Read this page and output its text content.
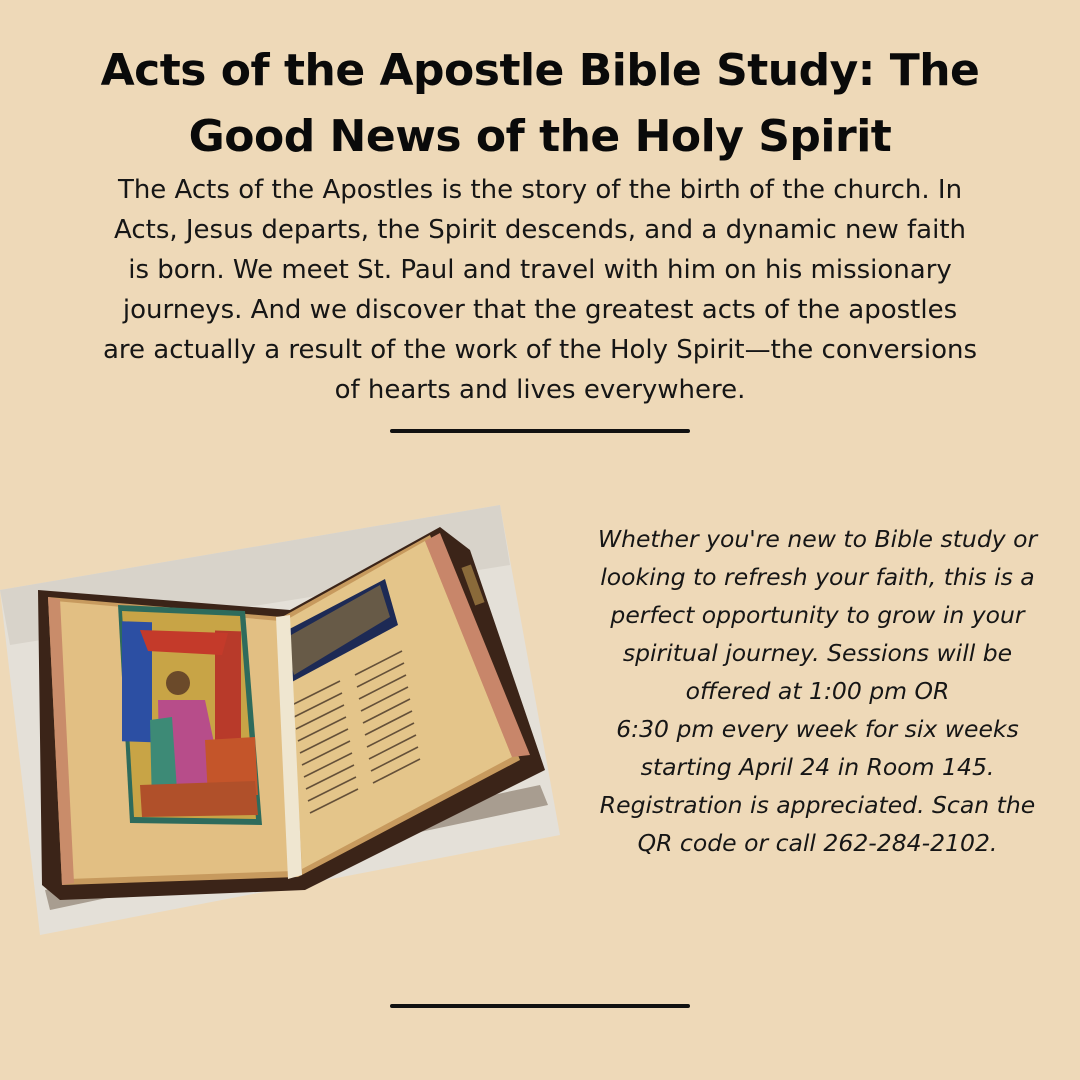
Acts of the Apostle Bible Study: The
Good News of the Holy Spirit

The Acts of the Apostles is the story of the birth of the church. In
Acts, Jesus departs, the Spirit descends, and a dynamic new faith
is born. We meet St. Paul and travel with him on his missionary
journeys. And we discover that the greatest acts of the apostles
are actually a result of the work of the Holy Spirit—the conversions
of hearts and lives everywhere.

Whether you're new to Bible study or
looking to refresh your faith, this is a
perfect opportunity to grow in your
spiritual journey. Sessions will be
offered at 1:00 pm OR
6:30 pm every week for six weeks
starting April 24 in Room 145.
Registration is appreciated. Scan the
QR code or call 262-284-2102.
